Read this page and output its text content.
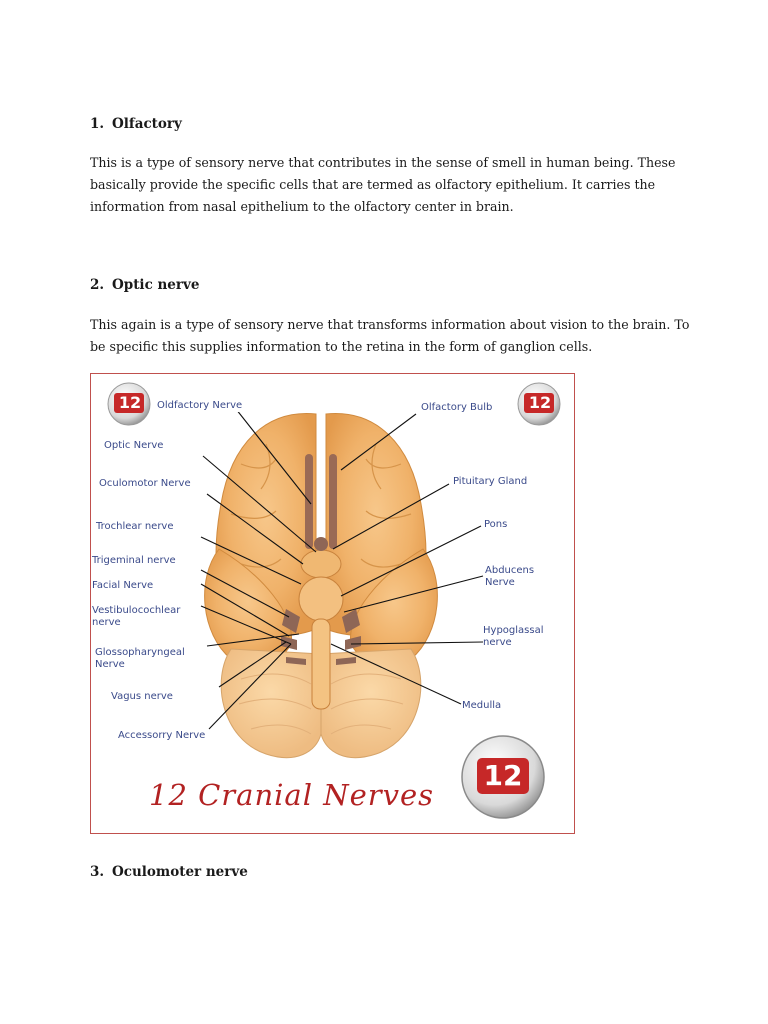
1. Olfactory

This is a type of sensory nerve that contributes in the sense of smell in human being. These basically provide the specific cells that are termed as olfactory epithelium. It carries the information from nasal epithelium to the olfactory center in brain.

2. Optic nerve

This again is a type of sensory nerve that transforms information about vision to the brain. To be specific this supplies information to the retina in the form of ganglion cells.

12	12
12
Oldfactory Nerve
Optic Nerve
Oculomotor Nerve
Trochlear nerve
Trigeminal nerve
Facial Nerve
Vestibulocochlear
nerve
Glossopharyngeal
Nerve
Vagus nerve
Accessorry Nerve
Olfactory Bulb
Pituitary Gland
Pons
Abducens
Nerve
Hypoglassal
nerve
Medulla
12 Cranial Nerves
3. Oculomoter nerve
